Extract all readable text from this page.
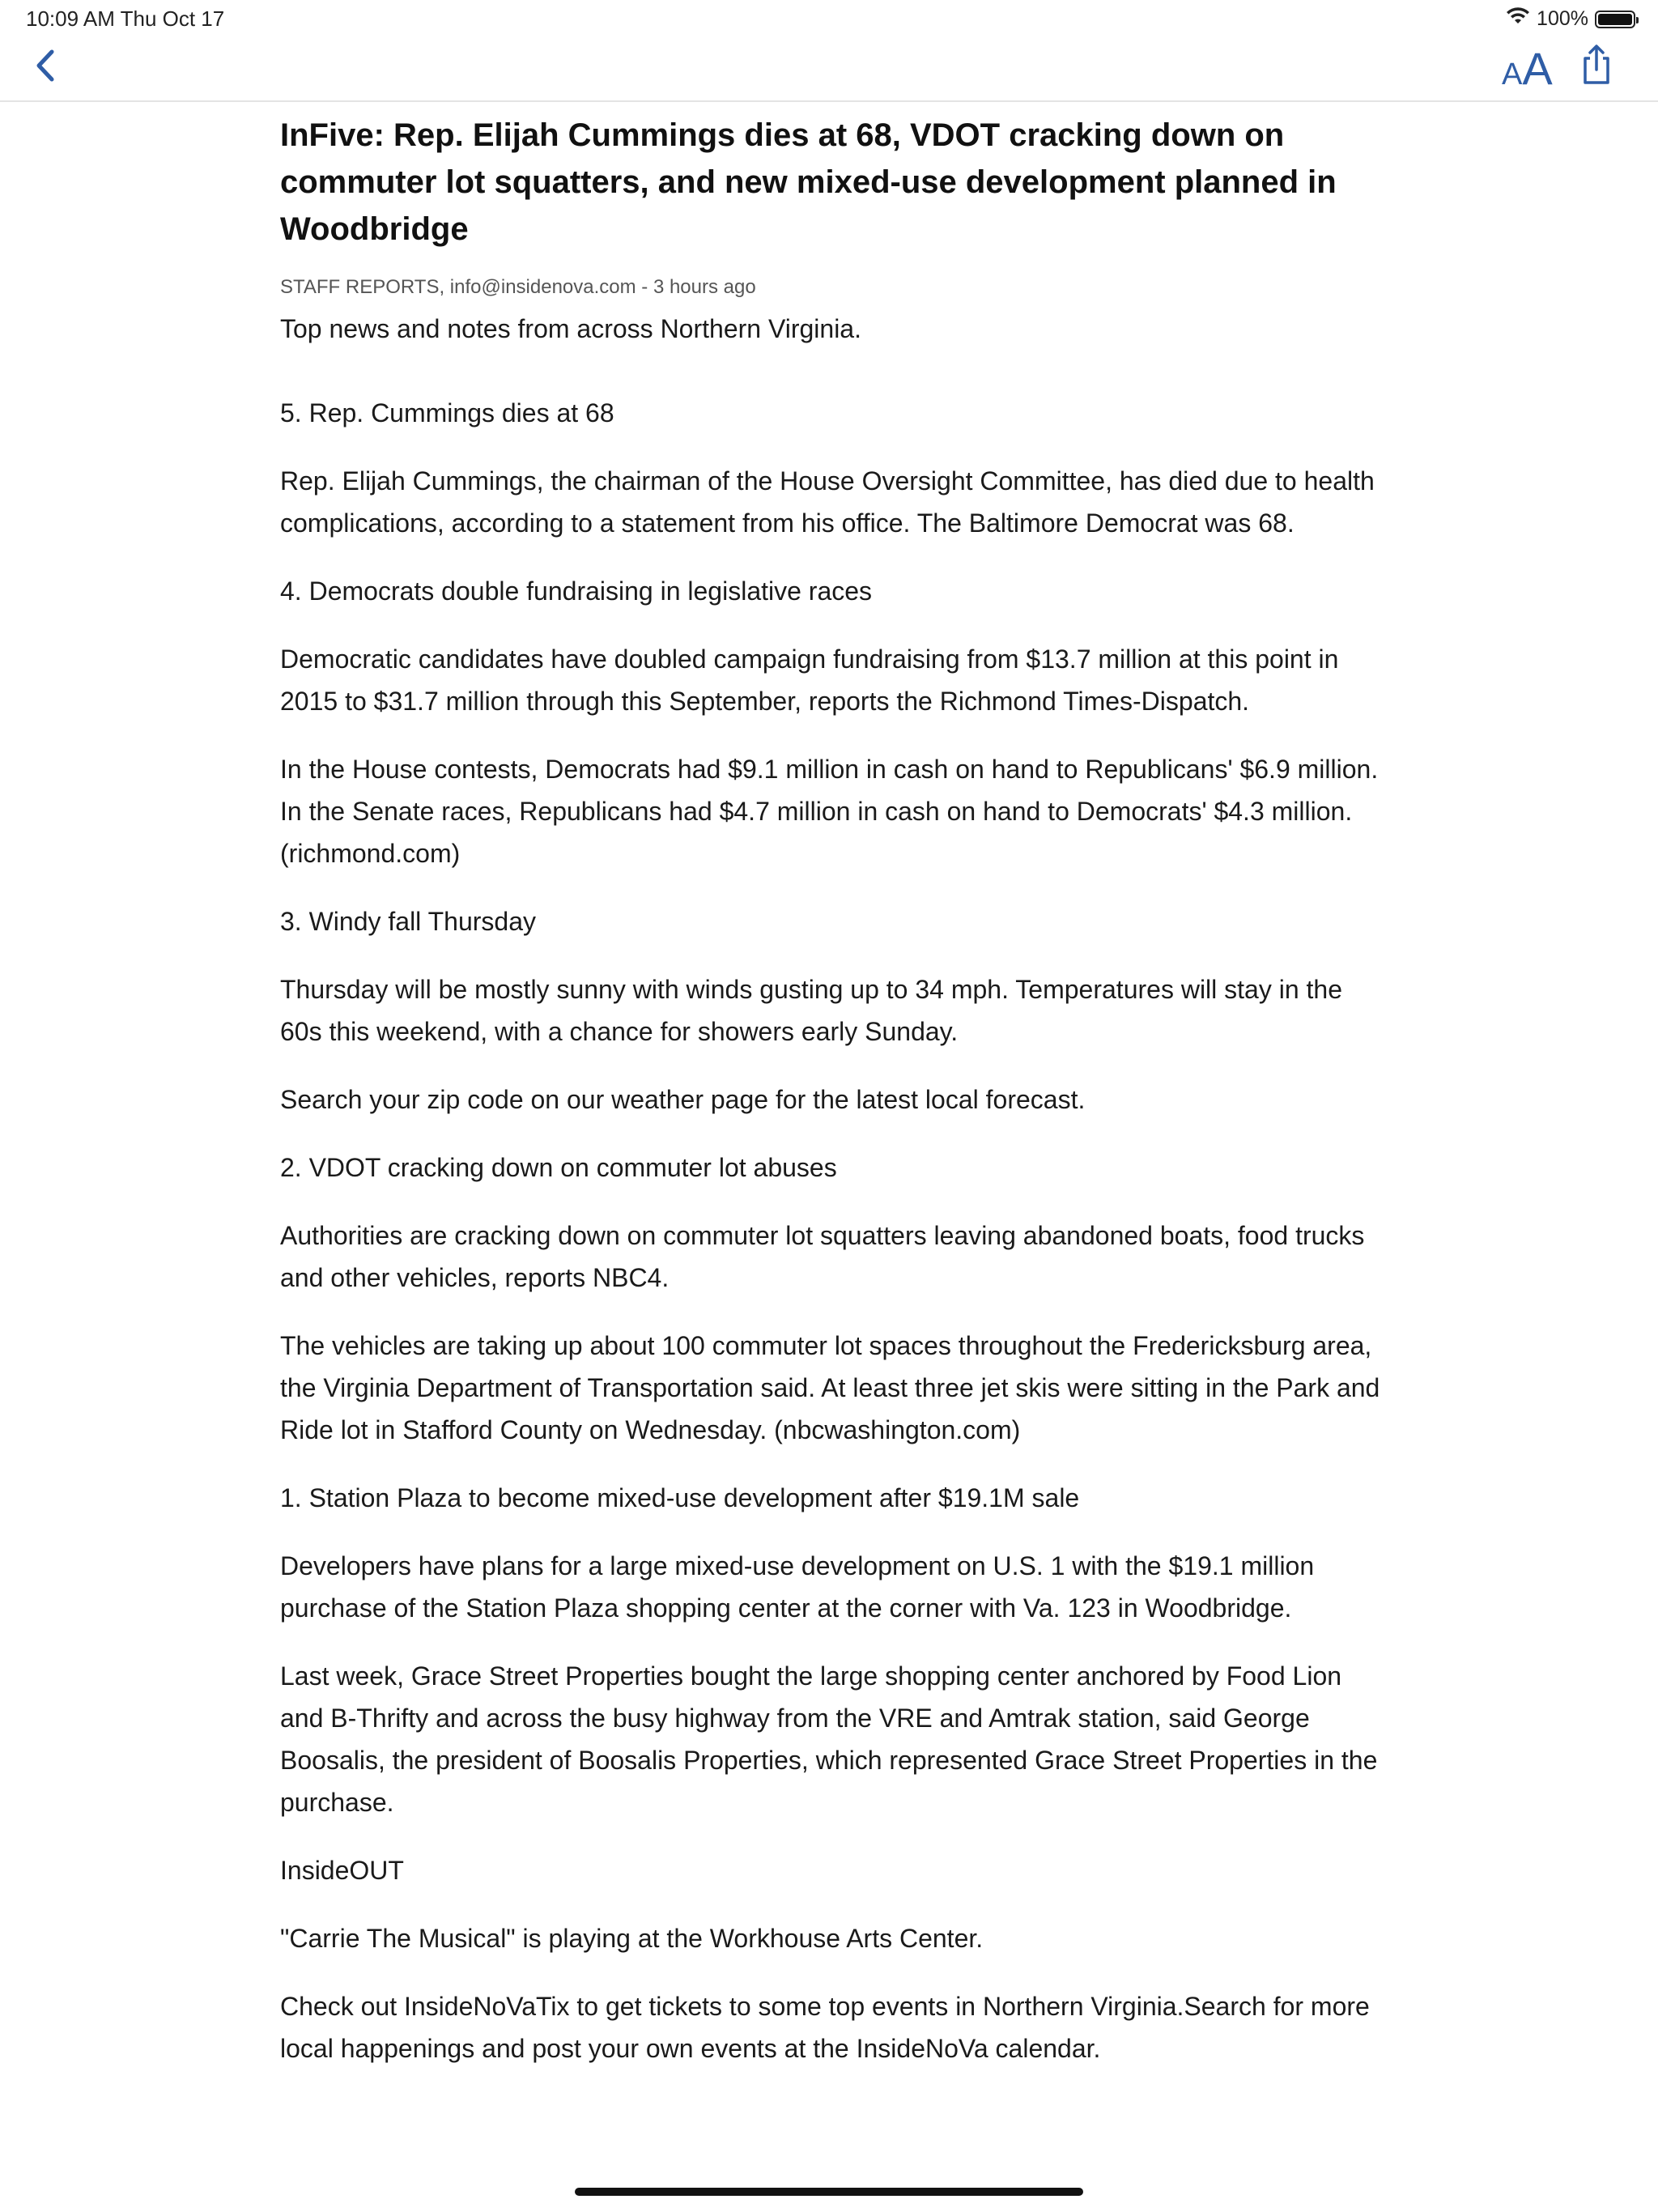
10:09 AM Thu Oct 17	100%
A A
InFive: Rep. Elijah Cummings dies at 68, VDOT cracking down on commuter lot squatters, and new mixed-use development planned in Woodbridge
STAFF REPORTS, info@insidenova.com - 3 hours ago
Top news and notes from across Northern Virginia.

5. Rep. Cummings dies at 68

Rep. Elijah Cummings, the chairman of the House Oversight Committee, has died due to health complications, according to a statement from his office. The Baltimore Democrat was 68.

4. Democrats double fundraising in legislative races

Democratic candidates have doubled campaign fundraising from $13.7 million at this point in 2015 to $31.7 million through this September, reports the Richmond Times-Dispatch.

In the House contests, Democrats had $9.1 million in cash on hand to Republicans' $6.9 million. In the Senate races, Republicans had $4.7 million in cash on hand to Democrats' $4.3 million. (richmond.com)

3. Windy fall Thursday

Thursday will be mostly sunny with winds gusting up to 34 mph. Temperatures will stay in the 60s this weekend, with a chance for showers early Sunday.

Search your zip code on our weather page for the latest local forecast.

2. VDOT cracking down on commuter lot abuses

Authorities are cracking down on commuter lot squatters leaving abandoned boats, food trucks and other vehicles, reports NBC4.

The vehicles are taking up about 100 commuter lot spaces throughout the Fredericksburg area, the Virginia Department of Transportation said. At least three jet skis were sitting in the Park and Ride lot in Stafford County on Wednesday. (nbcwashington.com)

1. Station Plaza to become mixed-use development after $19.1M sale

Developers have plans for a large mixed-use development on U.S. 1 with the $19.1 million purchase of the Station Plaza shopping center at the corner with Va. 123 in Woodbridge.

Last week, Grace Street Properties bought the large shopping center anchored by Food Lion and B-Thrifty and across the busy highway from the VRE and Amtrak station, said George Boosalis, the president of Boosalis Properties, which represented Grace Street Properties in the purchase.

InsideOUT

"Carrie The Musical" is playing at the Workhouse Arts Center.

Check out InsideNoVaTix to get tickets to some top events in Northern Virginia.Search for more local happenings and post your own events at the InsideNoVa calendar.
